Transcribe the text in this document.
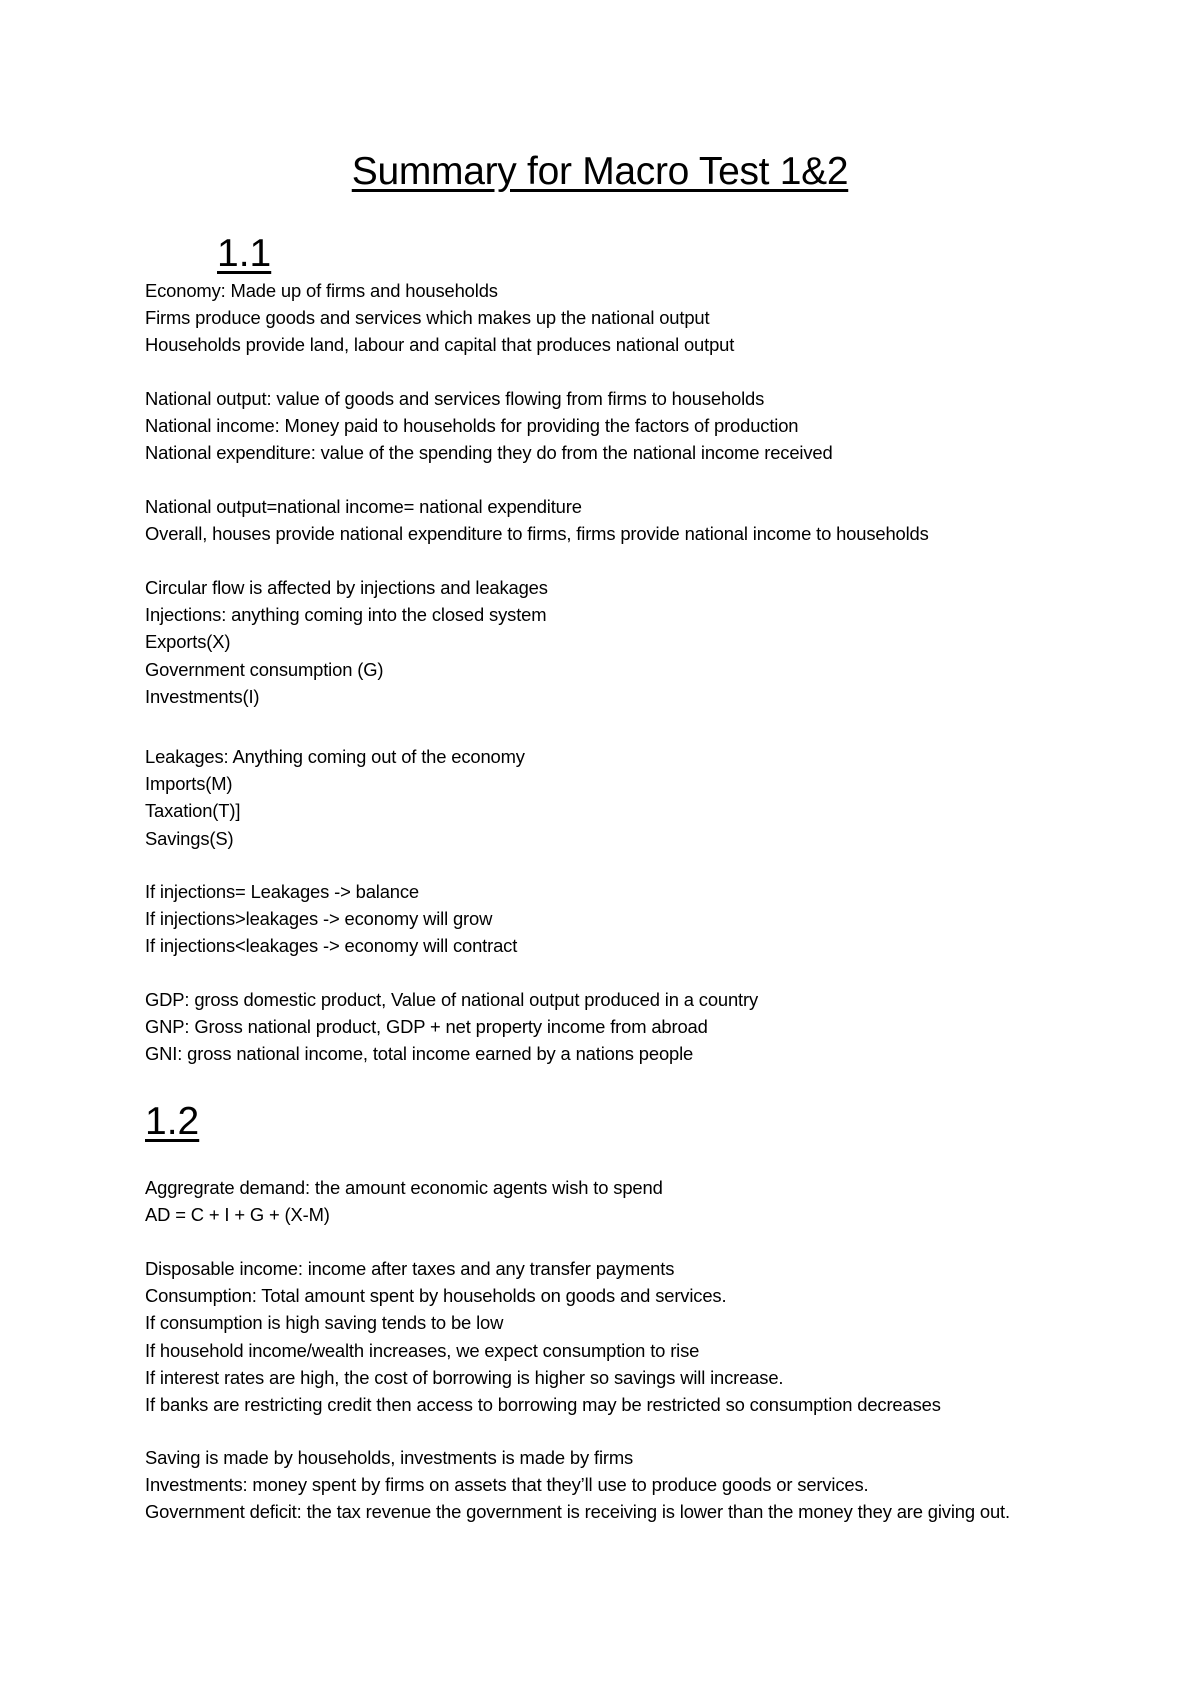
Summary for Macro Test 1&2
1.1
Economy: Made up of firms and households
Firms produce goods and services which makes up the national output
Households provide land, labour and capital that produces national output
National output: value of goods and services flowing from firms to households
National income: Money paid to households for providing the factors of production
National expenditure: value of the spending they do from the national income received
National output=national income= national expenditure
Overall, houses provide national expenditure to firms, firms provide national income to households
Circular flow is affected by injections and leakages
Injections: anything coming into the closed system
Exports(X)
Government consumption (G)
Investments(I)
Leakages: Anything coming out of the economy
Imports(M)
Taxation(T)]
Savings(S)
If injections= Leakages -> balance
If injections>leakages -> economy will grow
If injections<leakages -> economy will contract
GDP: gross domestic product, Value of national output produced in a country
GNP: Gross national product, GDP + net property income from abroad
GNI: gross national income, total income earned by a nations people
1.2
Aggregrate demand: the amount economic agents wish to spend
AD = C + I + G + (X-M)
Disposable income: income after taxes and any transfer payments
Consumption: Total amount spent by households on goods and services.
If consumption is high saving tends to be low
If household income/wealth increases, we expect consumption to rise
If interest rates are high, the cost of borrowing is higher so savings will increase.
If banks are restricting credit then access to borrowing may be restricted so consumption decreases
Saving is made by households, investments is made by firms
Investments: money spent by firms on assets that they’ll use to produce goods or services.
Government deficit: the tax revenue the government is receiving is lower than the money they are giving out.
